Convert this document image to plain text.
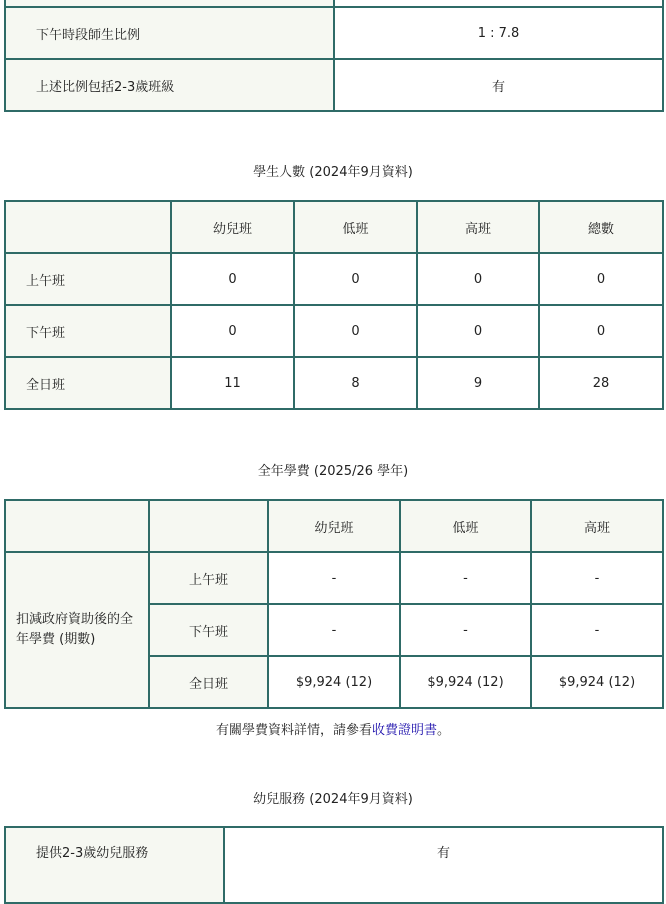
下午時段師生比例	1 : 7.8
上述比例包括2-3歲班級	有
學生人數 (2024年9月資料)
	幼兒班	低班	高班	總數
上午班	0	0	0	0
下午班	0	0	0	0
全日班	11	8	9	28
全年學費 (2025/26 學年)
		幼兒班	低班	高班
扣減政府資助後的全年學費 (期數)	上午班	-	-	-
	下午班	-	-	-
	全日班	$9,924 (12)	$9,924 (12)	$9,924 (12)
有關學費資料詳情，請參看收費證明書。
幼兒服務 (2024年9月資料)
提供2-3歲幼兒服務	有
